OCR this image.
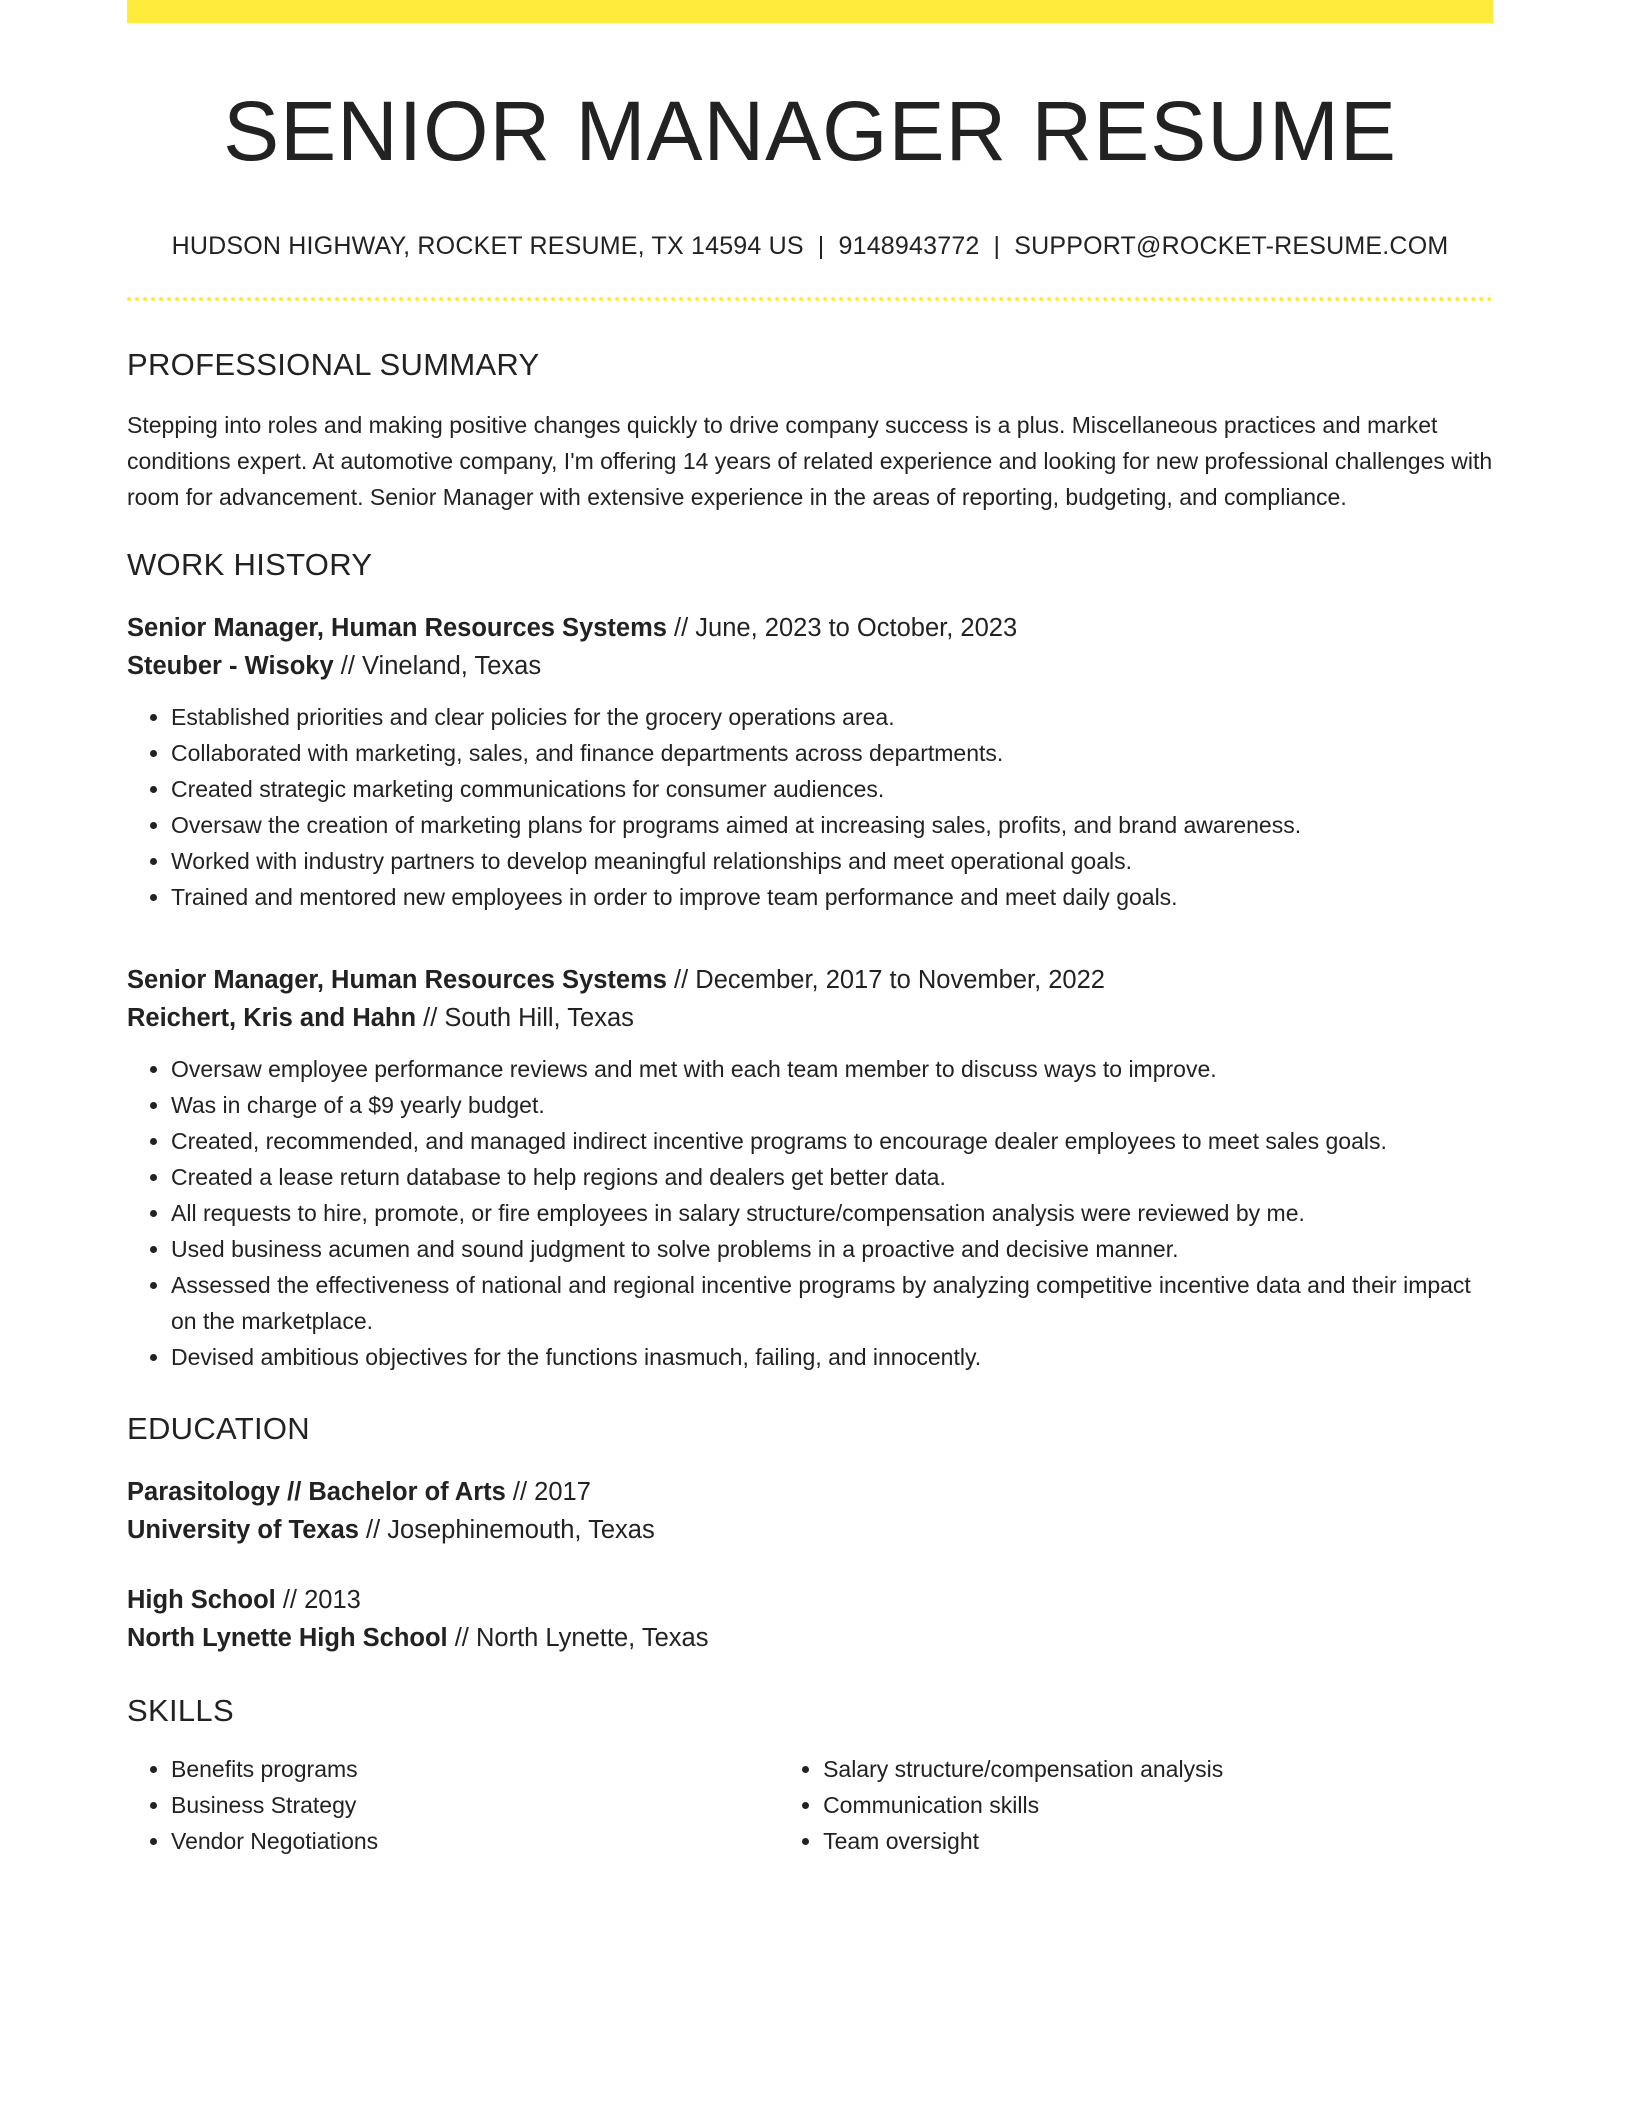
SENIOR MANAGER RESUME
HUDSON HIGHWAY, ROCKET RESUME, TX 14594 US | 9148943772 | SUPPORT@ROCKET-RESUME.COM
PROFESSIONAL SUMMARY

Stepping into roles and making positive changes quickly to drive company success is a plus. Miscellaneous practices and market conditions expert. At automotive company, I'm offering 14 years of related experience and looking for new professional challenges with room for advancement. Senior Manager with extensive experience in the areas of reporting, budgeting, and compliance.

WORK HISTORY
Senior Manager, Human Resources Systems // June, 2023 to October, 2023
Steuber - Wisoky // Vineland, Texas
• Established priorities and clear policies for the grocery operations area.
• Collaborated with marketing, sales, and finance departments across departments.
• Created strategic marketing communications for consumer audiences.
• Oversaw the creation of marketing plans for programs aimed at increasing sales, profits, and brand awareness.
• Worked with industry partners to develop meaningful relationships and meet operational goals.
• Trained and mentored new employees in order to improve team performance and meet daily goals.
Senior Manager, Human Resources Systems // December, 2017 to November, 2022
Reichert, Kris and Hahn // South Hill, Texas
• Oversaw employee performance reviews and met with each team member to discuss ways to improve.
• Was in charge of a $9 yearly budget.
• Created, recommended, and managed indirect incentive programs to encourage dealer employees to meet sales goals.
• Created a lease return database to help regions and dealers get better data.
• All requests to hire, promote, or fire employees in salary structure/compensation analysis were reviewed by me.
• Used business acumen and sound judgment to solve problems in a proactive and decisive manner.
• Assessed the effectiveness of national and regional incentive programs by analyzing competitive incentive data and their impact on the marketplace.
• Devised ambitious objectives for the functions inasmuch, failing, and innocently.
EDUCATION
Parasitology // Bachelor of Arts // 2017
University of Texas // Josephinemouth, Texas
High School // 2013
North Lynette High School // North Lynette, Texas
SKILLS
• Benefits programs
• Business Strategy
• Vendor Negotiations
• Salary structure/compensation analysis
• Communication skills
• Team oversight
